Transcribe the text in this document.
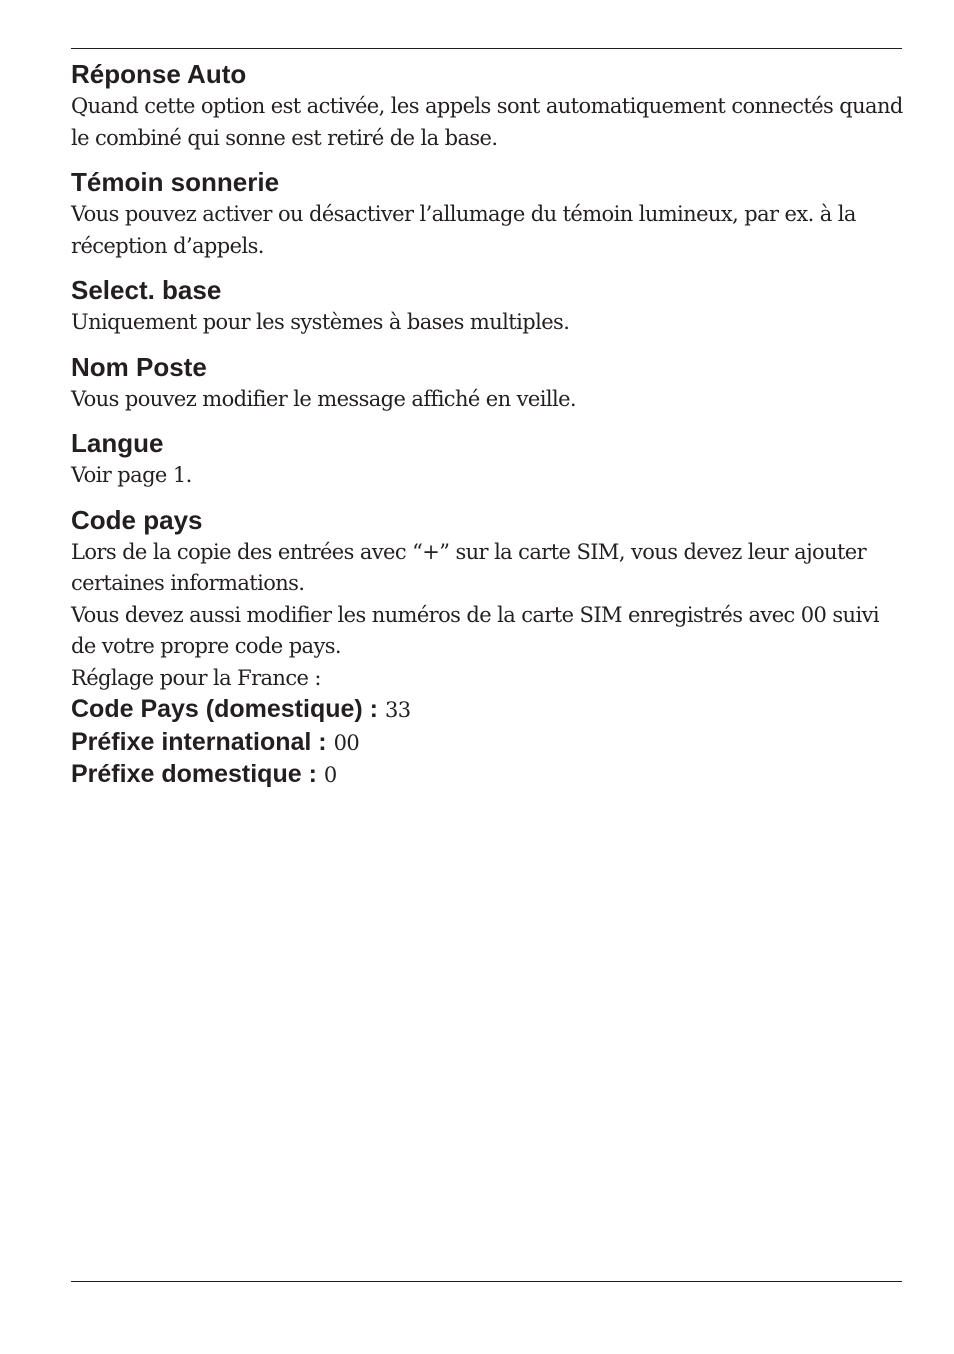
Réponse Auto

Quand cette option est activée, les appels sont automatiquement connectés quand le combiné qui sonne est retiré de la base.

Témoin sonnerie

Vous pouvez activer ou désactiver l’allumage du témoin lumineux, par ex. à la réception d’appels.

Select. base

Uniquement pour les systèmes à bases multiples.

Nom Poste

Vous pouvez modifier le message affiché en veille.

Langue

Voir page 1.

Code pays

Lors de la copie des entrées avec “+” sur la carte SIM, vous devez leur ajouter certaines informations.

Vous devez aussi modifier les numéros de la carte SIM enregistrés avec 00 suivi de votre propre code pays.

Réglage pour la France :

Code Pays (domestique) : 33

Préfixe international : 00

Préfixe domestique : 0
